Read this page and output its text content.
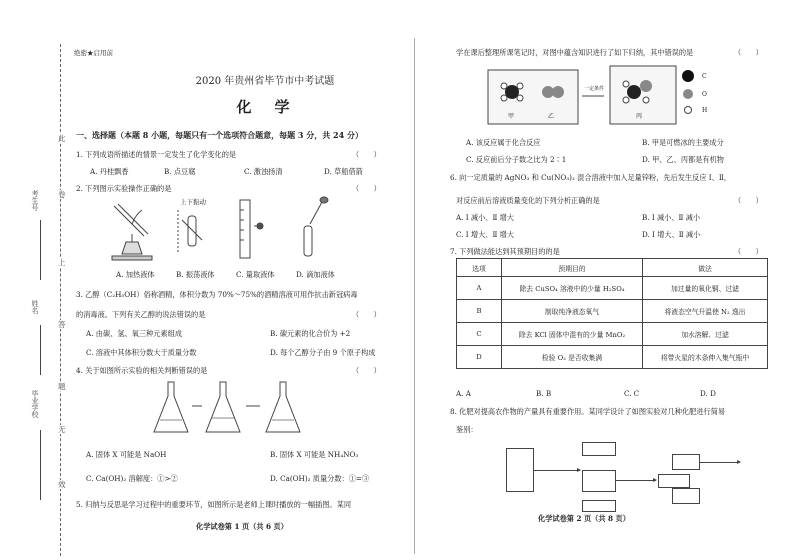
考生号
姓名
毕业学校
此
卷
上
答
题
无
效
绝密★启用前
2020 年贵州省毕节市中考试题
化　学
一、选择题（本题 8 小题，每题只有一个选项符合题意，每题 3 分，共 24 分）
1. 下列成语所描述的情景一定发生了化学变化的是	（　　）
A. 丹桂飘香	B. 点豆腐	C. 激浊扬清	D. 草船借箭
2. 下列图示实验操作正确的是	（　　）
上下振动
A. 加热液体	B. 振荡液体	C. 量取液体	D. 滴加液体
3. 乙醇（C₂H₅OH）俗称酒精，体积分数为 70%～75%的酒精溶液可用作抗击新冠病毒
的消毒液。下列有关乙醇的说法错误的是	（　　）
A. 由碳、氢、氧三种元素组成	B. 碳元素的化合价为 +2
C. 溶液中其体积分数大于质量分数	D. 每个乙醇分子由 9 个原子构成
4. 关于如图所示实验的相关判断错误的是	（　　）
A. 固体 X 可能是 NaOH	B. 固体 X 可能是 NH₄NO₃
C. Ca(OH)₂ 溶解度：①>②	D. Ca(OH)₂ 质量分数：①=③
5. 归纳与反思是学习过程中的重要环节，如图所示是老师上课时播放的一幅插图。某同
化学试卷第 1 页（共 6 页）
学在课后整理所课笔记时，对图中蕴含知识进行了如下归纳，其中错误的是	（　　）
甲	乙
一定条件
丙
C
O
H
A. 该反应属于化合反应	B. 甲是可燃冰的主要成分
C. 反应前后分子数之比为 2∶1	D. 甲、乙、丙都是有机物
6. 向一定质量的 AgNO₃ 和 Cu(NO₃)₂ 混合溶液中加入足量锌粉，先后发生反应 Ⅰ、Ⅱ，
对反应前后溶液质量变化的下列分析正确的是	（　　）
A. Ⅰ 减小、Ⅱ 增大	B. Ⅰ 减小、Ⅱ 减小
C. Ⅰ 增大、Ⅱ 增大	D. Ⅰ 增大、Ⅱ 减小
7. 下列做法能达到其预期目的的是	（　　）
选项	预期目的	做法
A	除去 CuSO₄ 溶液中的少量 H₂SO₄	加过量的氧化铜、过滤
B	制取纯净液态氧气	将液态空气升温使 N₂ 逸出
C	除去 KCl 固体中混有的少量 MnO₂	加水溶解、过滤
D	检验 O₂ 是否收集满	将带火星的木条伸入集气瓶中
A. A	B. B	C. C	D. D
8. 化肥对提高农作物的产量具有重要作用。某同学设计了如图实验对几种化肥进行简易
鉴别：
化学试卷第 2 页（共 8 页）
